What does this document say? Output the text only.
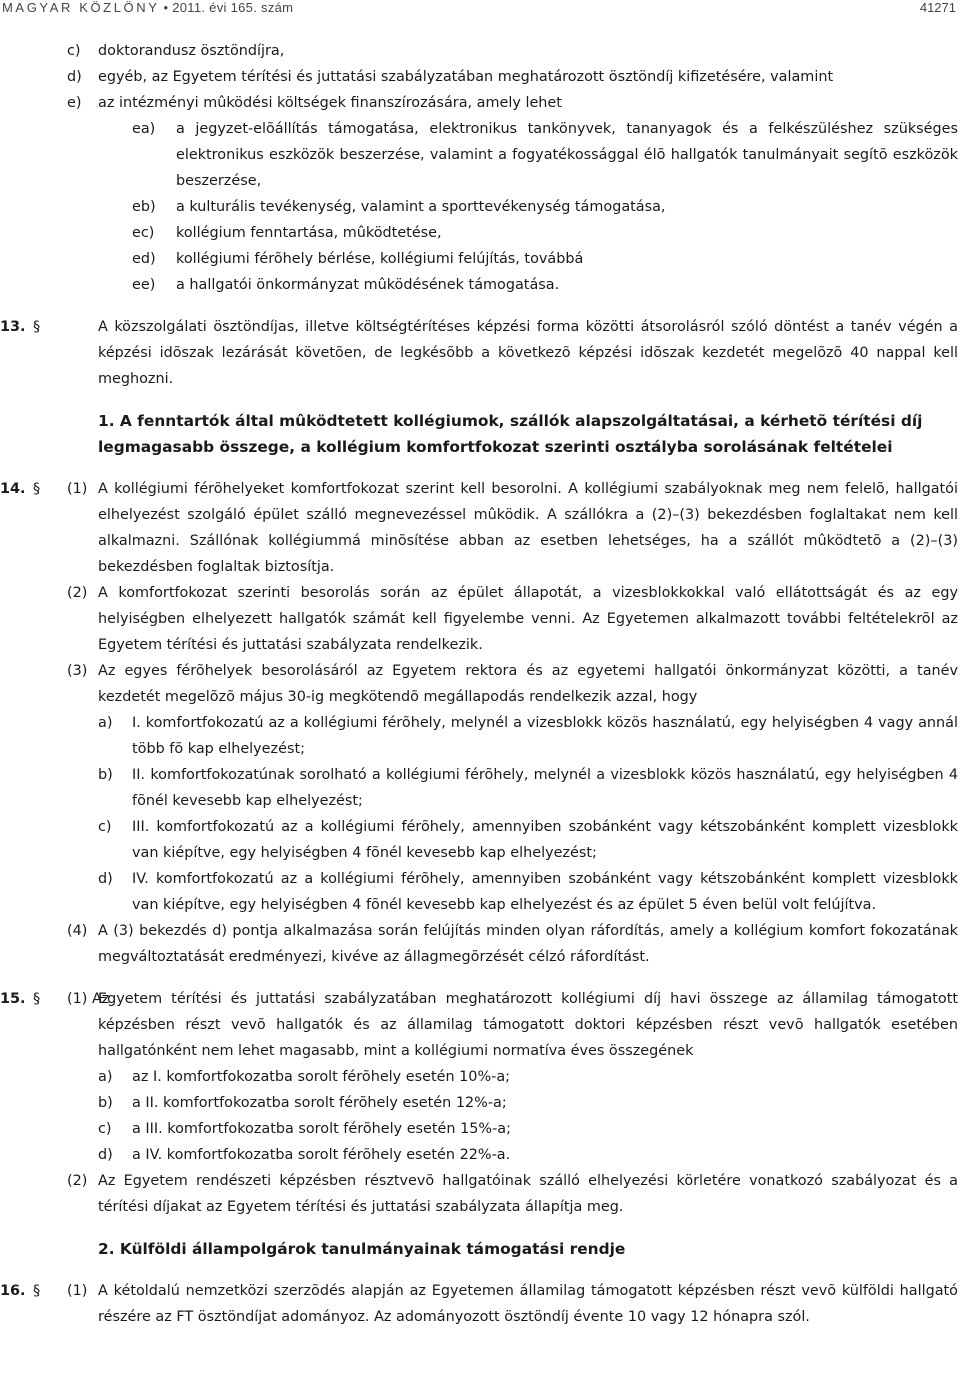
MAGYAR KÖZLÖNY • 2011. évi 165. szám	41271
c) doktorandusz ösztöndíjra,
d) egyéb, az Egyetem térítési és juttatási szabályzatában meghatározott ösztöndíj kifizetésére, valamint
e) az intézményi mûködési költségek finanszírozására, amely lehet
ea) a jegyzet-elõállítás támogatása, elektronikus tankönyvek, tananyagok és a felkészüléshez szükséges elektronikus eszközök beszerzése, valamint a fogyatékossággal élõ hallgatók tanulmányait segítõ eszközök beszerzése,
eb) a kulturális tevékenység, valamint a sporttevékenység támogatása,
ec) kollégium fenntartása, mûködtetése,
ed) kollégiumi férõhely bérlése, kollégiumi felújítás, továbbá
ee) a hallgatói önkormányzat mûködésének támogatása.
13. §	A közszolgálati ösztöndíjas, illetve költségtérítéses képzési forma közötti átsorolásról szóló döntést a tanév végén a képzési idõszak lezárását követõen, de legkésõbb a következõ képzési idõszak kezdetét megelõzõ 40 nappal kell meghozni.
1. A fenntartók által mûködtetett kollégiumok, szállók alapszolgáltatásai, a kérhetõ térítési díj legmagasabb összege, a kollégium komfortfokozat szerinti osztályba sorolásának feltételei
14. § (1) A kollégiumi férõhelyeket komfortfokozat szerint kell besorolni. A kollégiumi szabályoknak meg nem felelõ, hallgatói elhelyezést szolgáló épület szálló megnevezéssel mûködik. A szállókra a (2)–(3) bekezdésben foglaltakat nem kell alkalmazni. Szállónak kollégiummá minõsítése abban az esetben lehetséges, ha a szállót mûködtetõ a (2)–(3) bekezdésben foglaltak biztosítja.
(2) A komfortfokozat szerinti besorolás során az épület állapotát, a vizesblokkokkal való ellátottságát és az egy helyiségben elhelyezett hallgatók számát kell figyelembe venni. Az Egyetemen alkalmazott további feltételekrõl az Egyetem térítési és juttatási szabályzata rendelkezik.
(3) Az egyes férõhelyek besorolásáról az Egyetem rektora és az egyetemi hallgatói önkormányzat közötti, a tanév kezdetét megelõzõ május 30-ig megkötendõ megállapodás rendelkezik azzal, hogy
a) I. komfortfokozatú az a kollégiumi férõhely, melynél a vizesblokk közös használatú, egy helyiségben 4 vagy annál több fõ kap elhelyezést;
b) II. komfortfokozatúnak sorolható a kollégiumi férõhely, melynél a vizesblokk közös használatú, egy helyiségben 4 fõnél kevesebb kap elhelyezést;
c) III. komfortfokozatú az a kollégiumi férõhely, amennyiben szobánként vagy kétszobánként komplett vizesblokk van kiépítve, egy helyiségben 4 fõnél kevesebb kap elhelyezést;
d) IV. komfortfokozatú az a kollégiumi férõhely, amennyiben szobánként vagy kétszobánként komplett vizesblokk van kiépítve, egy helyiségben 4 fõnél kevesebb kap elhelyezést és az épület 5 éven belül volt felújítva.
(4) A (3) bekezdés d) pontja alkalmazása során felújítás minden olyan ráfordítás, amely a kollégium komfort fokozatának megváltoztatását eredményezi, kivéve az állagmegõrzését célzó ráfordítást.
15. § (1) Az
Egyetem térítési és juttatási szabályzatában meghatározott kollégiumi díj havi összege az államilag támogatott képzésben részt vevõ hallgatók és az államilag támogatott doktori képzésben részt vevõ hallgatók esetében hallgatónként nem lehet magasabb, mint a kollégiumi normatíva éves összegének
a) az I. komfortfokozatba sorolt férõhely esetén 10%-a;
b) a II. komfortfokozatba sorolt férõhely esetén 12%-a;
c) a III. komfortfokozatba sorolt férõhely esetén 15%-a;
d) a IV. komfortfokozatba sorolt férõhely esetén 22%-a.
(2) Az Egyetem rendészeti képzésben résztvevõ hallgatóinak szálló elhelyezési körletére vonatkozó szabályozat és a térítési díjakat az Egyetem térítési és juttatási szabályzata állapítja meg.
2. Külföldi állampolgárok tanulmányainak támogatási rendje
16. § (1) A kétoldalú nemzetközi szerzõdés alapján az Egyetemen államilag támogatott képzésben részt vevõ külföldi hallgató részére az FT ösztöndíjat adományoz. Az adományozott ösztöndíj évente 10 vagy 12 hónapra szól.
